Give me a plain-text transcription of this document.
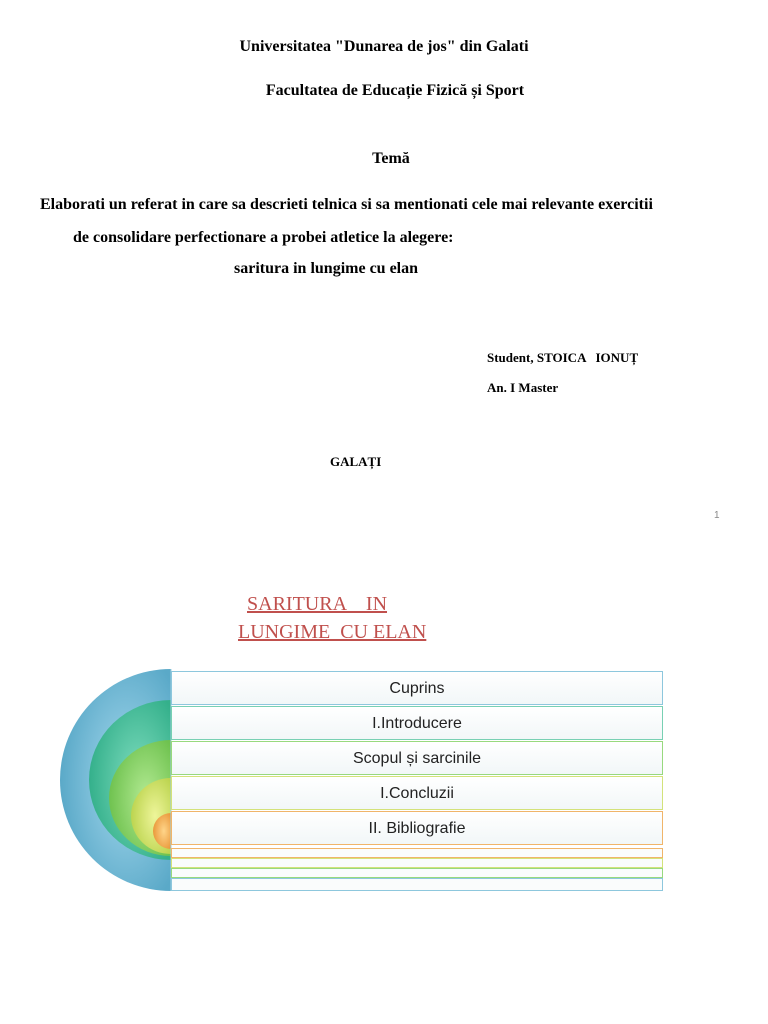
Universitatea "Dunarea de jos" din Galati
Facultatea de Educație Fizică și Sport
Temă
Elaborati un referat in care sa descrieti telnica si sa mentionati cele mai relevante exercitii
de consolidare perfectionare a probei atletice la alegere:
saritura in lungime cu elan
Student, STOICA   IONUȚ
An. I Master
GALAȚI
1
SARITURA    IN
LUNGIME  CU ELAN
Cuprins
I.Introducere
Scopul și sarcinile
I.Concluzii
II. Bibliografie
